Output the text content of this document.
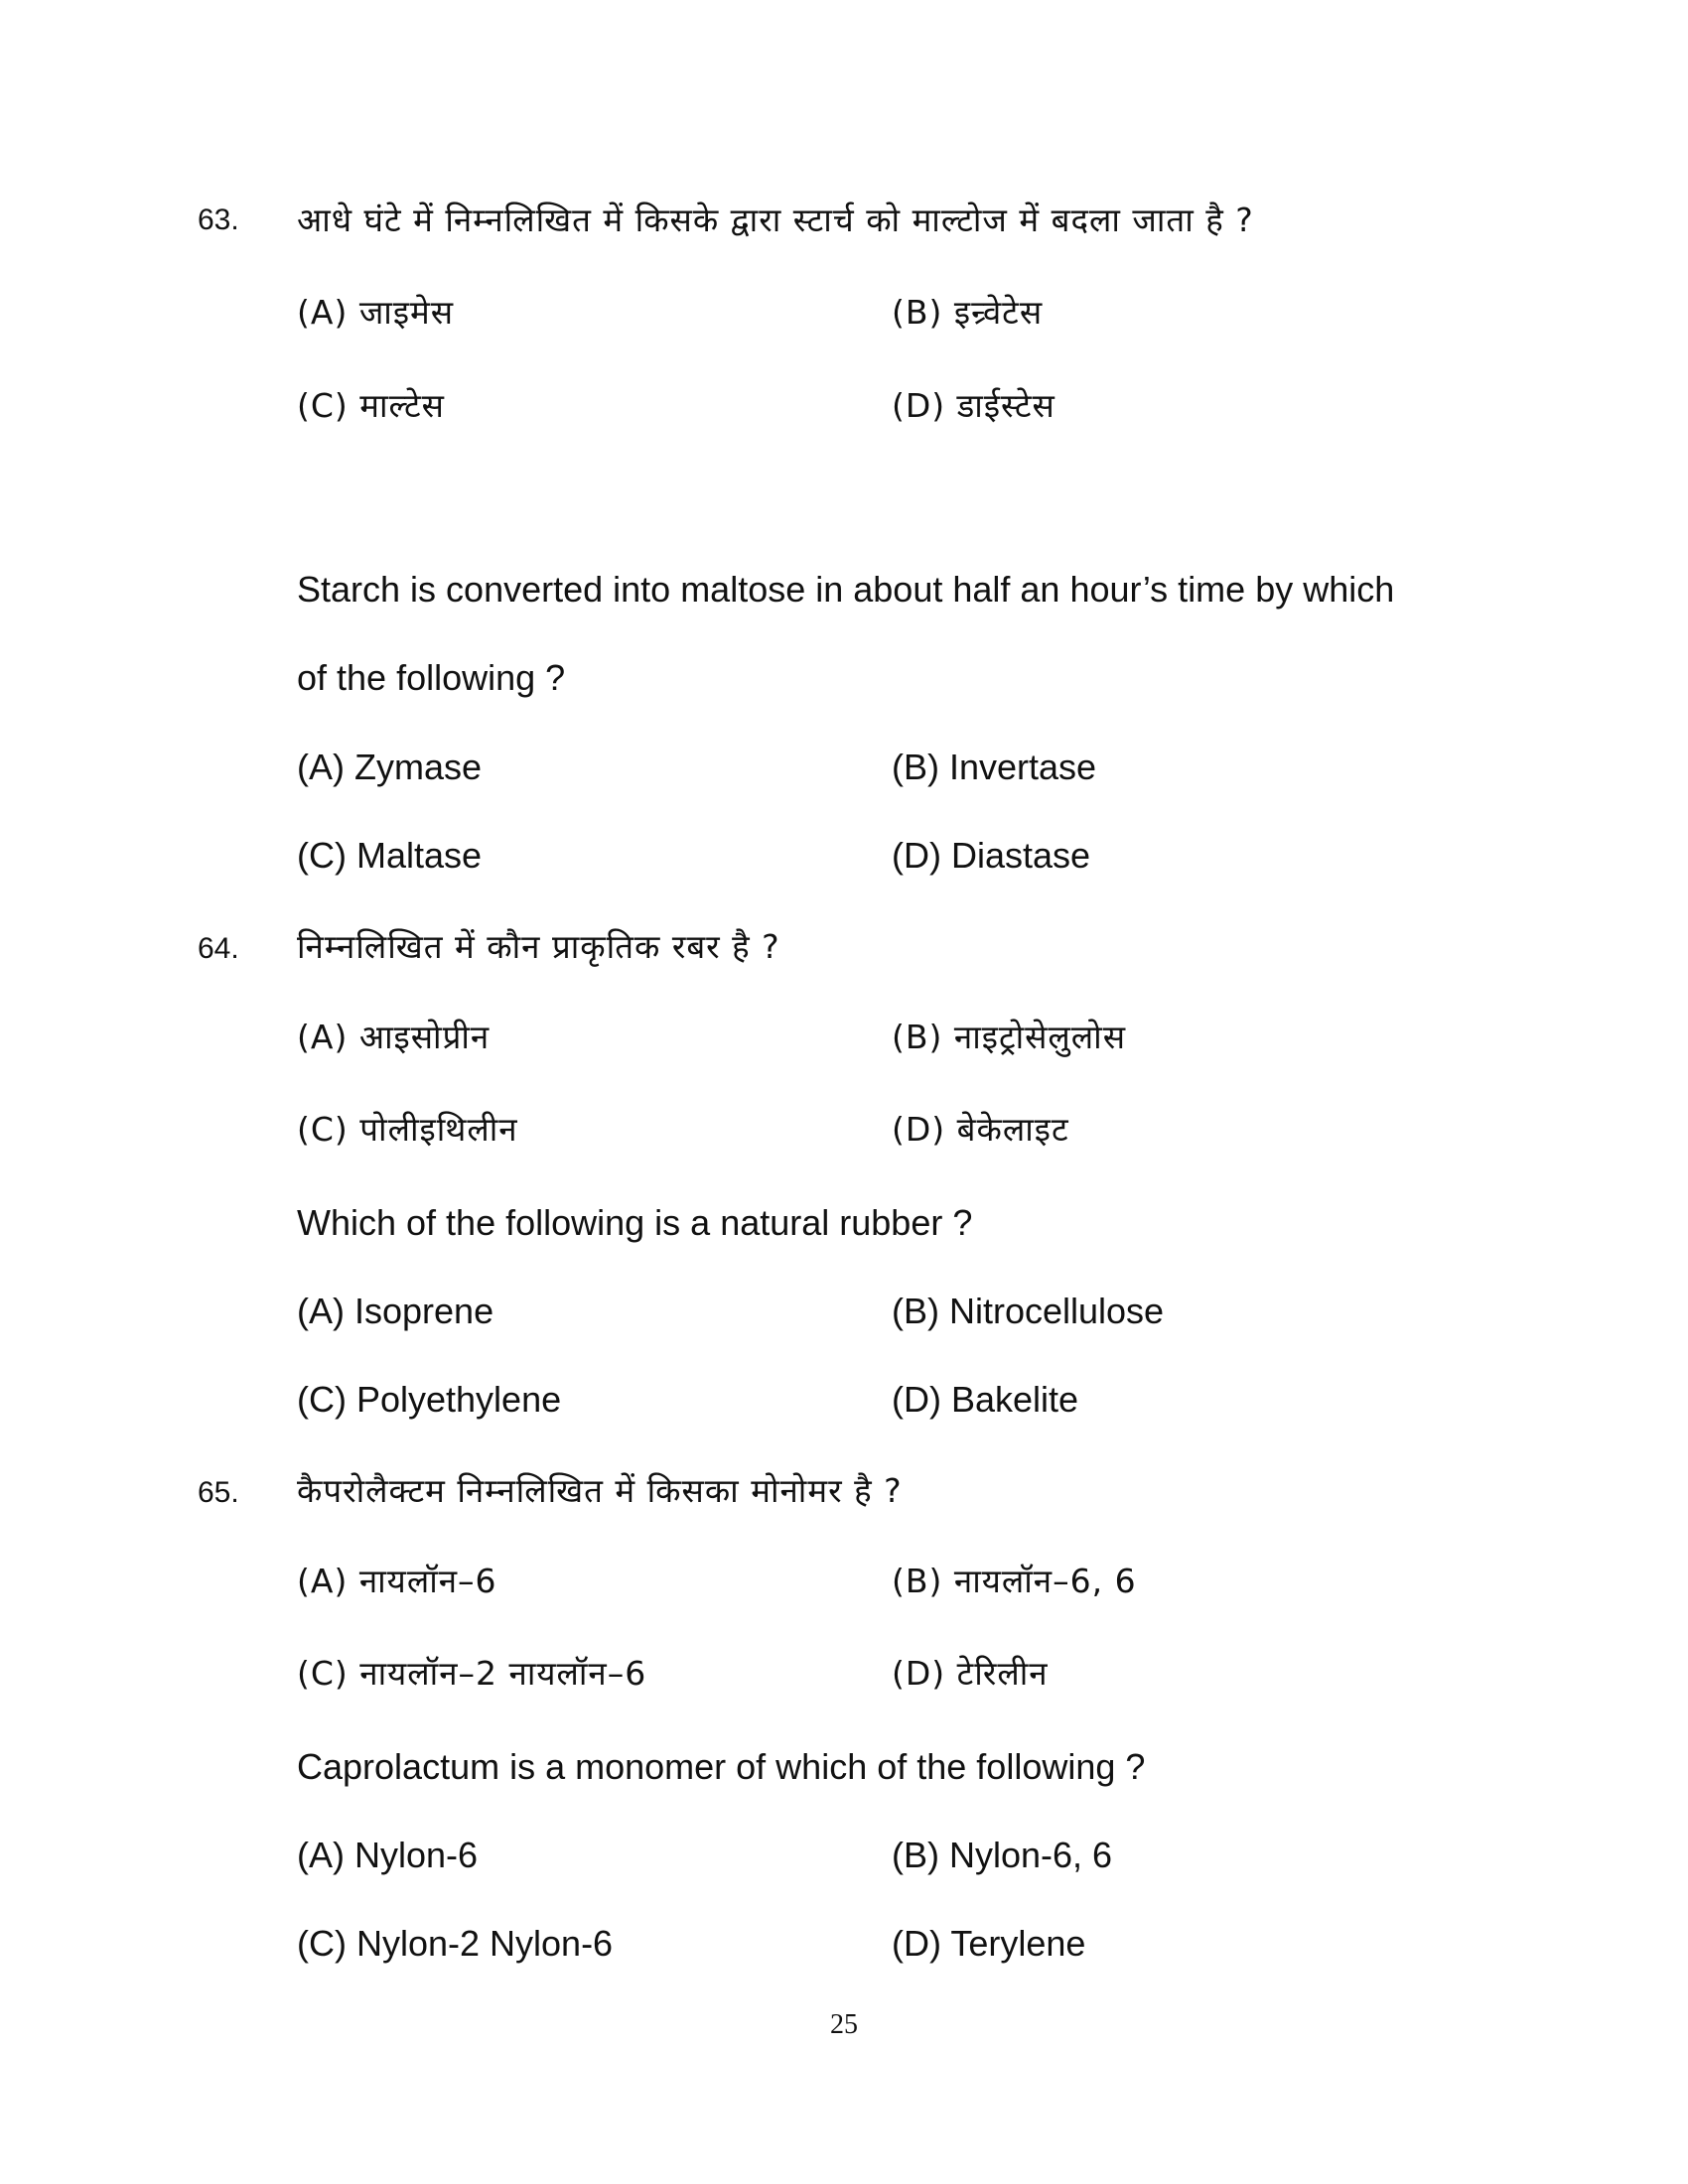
63. आधे घंटे में निम्नलिखित में किसके द्वारा स्टार्च को माल्टोज में बदला जाता है ?
(A) जाइमेस	(B) इन्र्वेटेस
(C) माल्टेस	(D) डाईस्टेस
Starch is converted into maltose in about half an hour’s time by which
of the following ?
(A) Zymase	(B) Invertase
(C) Maltase	(D) Diastase
64. निम्नलिखित में कौन प्राकृतिक रबर है ?
(A) आइसोप्रीन	(B) नाइट्रोसेलुलोस
(C) पोलीइथिलीन	(D) बेकेलाइट
Which of the following is a natural rubber ?
(A) Isoprene	(B) Nitrocellulose
(C) Polyethylene	(D) Bakelite
65. कैपरोलैक्टम निम्नलिखित में किसका मोनोमर है ?
(A) नायलॉन–6	(B) नायलॉन–6, 6
(C) नायलॉन–2 नायलॉन–6	(D) टेरिलीन
Caprolactum is a monomer of which of the following ?
(A) Nylon-6	(B) Nylon-6, 6
(C) Nylon-2 Nylon-6	(D) Terylene
25
